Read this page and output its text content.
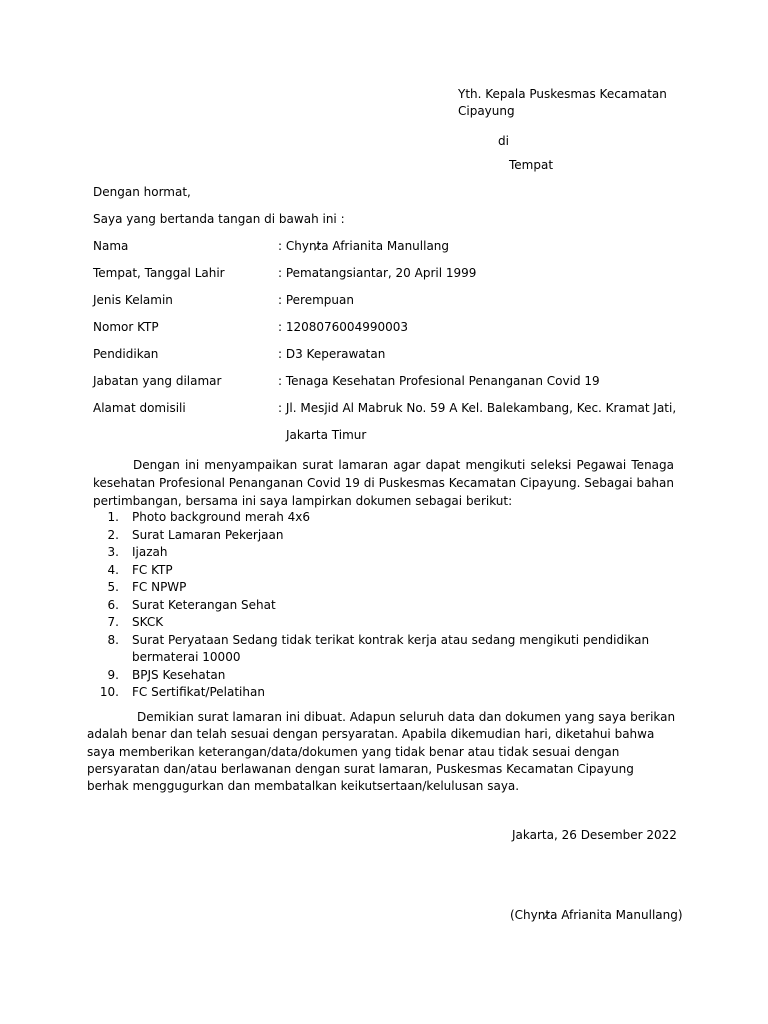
Yth. Kepala Puskesmas Kecamatan
Cipayung
di
Tempat
Dengan hormat,
Saya yang bertanda tangan di bawah ini :
Nama	: Chynt̷a Afrianita Manullang
Tempat, Tanggal Lahir	: Pematangsiantar, 20 April 1999
Jenis Kelamin	: Perempuan
Nomor KTP	: 1208076004990003
Pendidikan	: D3 Keperawatan
Jabatan yang dilamar	: Tenaga Kesehatan Profesional Penanganan Covid 19
Alamat domisili	: Jl. Mesjid Al Mabruk No. 59 A Kel. Balekambang, Kec. Kramat Jati,
Jakarta Timur
Dengan ini menyampaikan surat lamaran agar dapat mengikuti seleksi Pegawai Tenaga kesehatan Profesional Penanganan Covid 19 di Puskesmas Kecamatan Cipayung. Sebagai bahan pertimbangan, bersama ini saya lampirkan dokumen sebagai berikut:
1. Photo background merah 4x6
2. Surat Lamaran Pekerjaan
3. Ijazah
4. FC KTP
5. FC NPWP
6. Surat Keterangan Sehat
7. SKCK
8. Surat Peryataan Sedang tidak terikat kontrak kerja atau sedang mengikuti pendidikan bermaterai 10000
9. BPJS Kesehatan
10. FC Sertifikat/Pelatihan
Demikian surat lamaran ini dibuat. Adapun seluruh data dan dokumen yang saya berikan adalah benar dan telah sesuai dengan persyaratan. Apabila dikemudian hari, diketahui bahwa saya memberikan keterangan/data/dokumen yang tidak benar atau tidak sesuai dengan persyaratan dan/atau berlawanan dengan surat lamaran, Puskesmas Kecamatan Cipayung berhak menggugurkan dan membatalkan keikutsertaan/kelulusan saya.
Jakarta, 26 Desember 2022
(Chynt̷a Afrianita Manullang)
